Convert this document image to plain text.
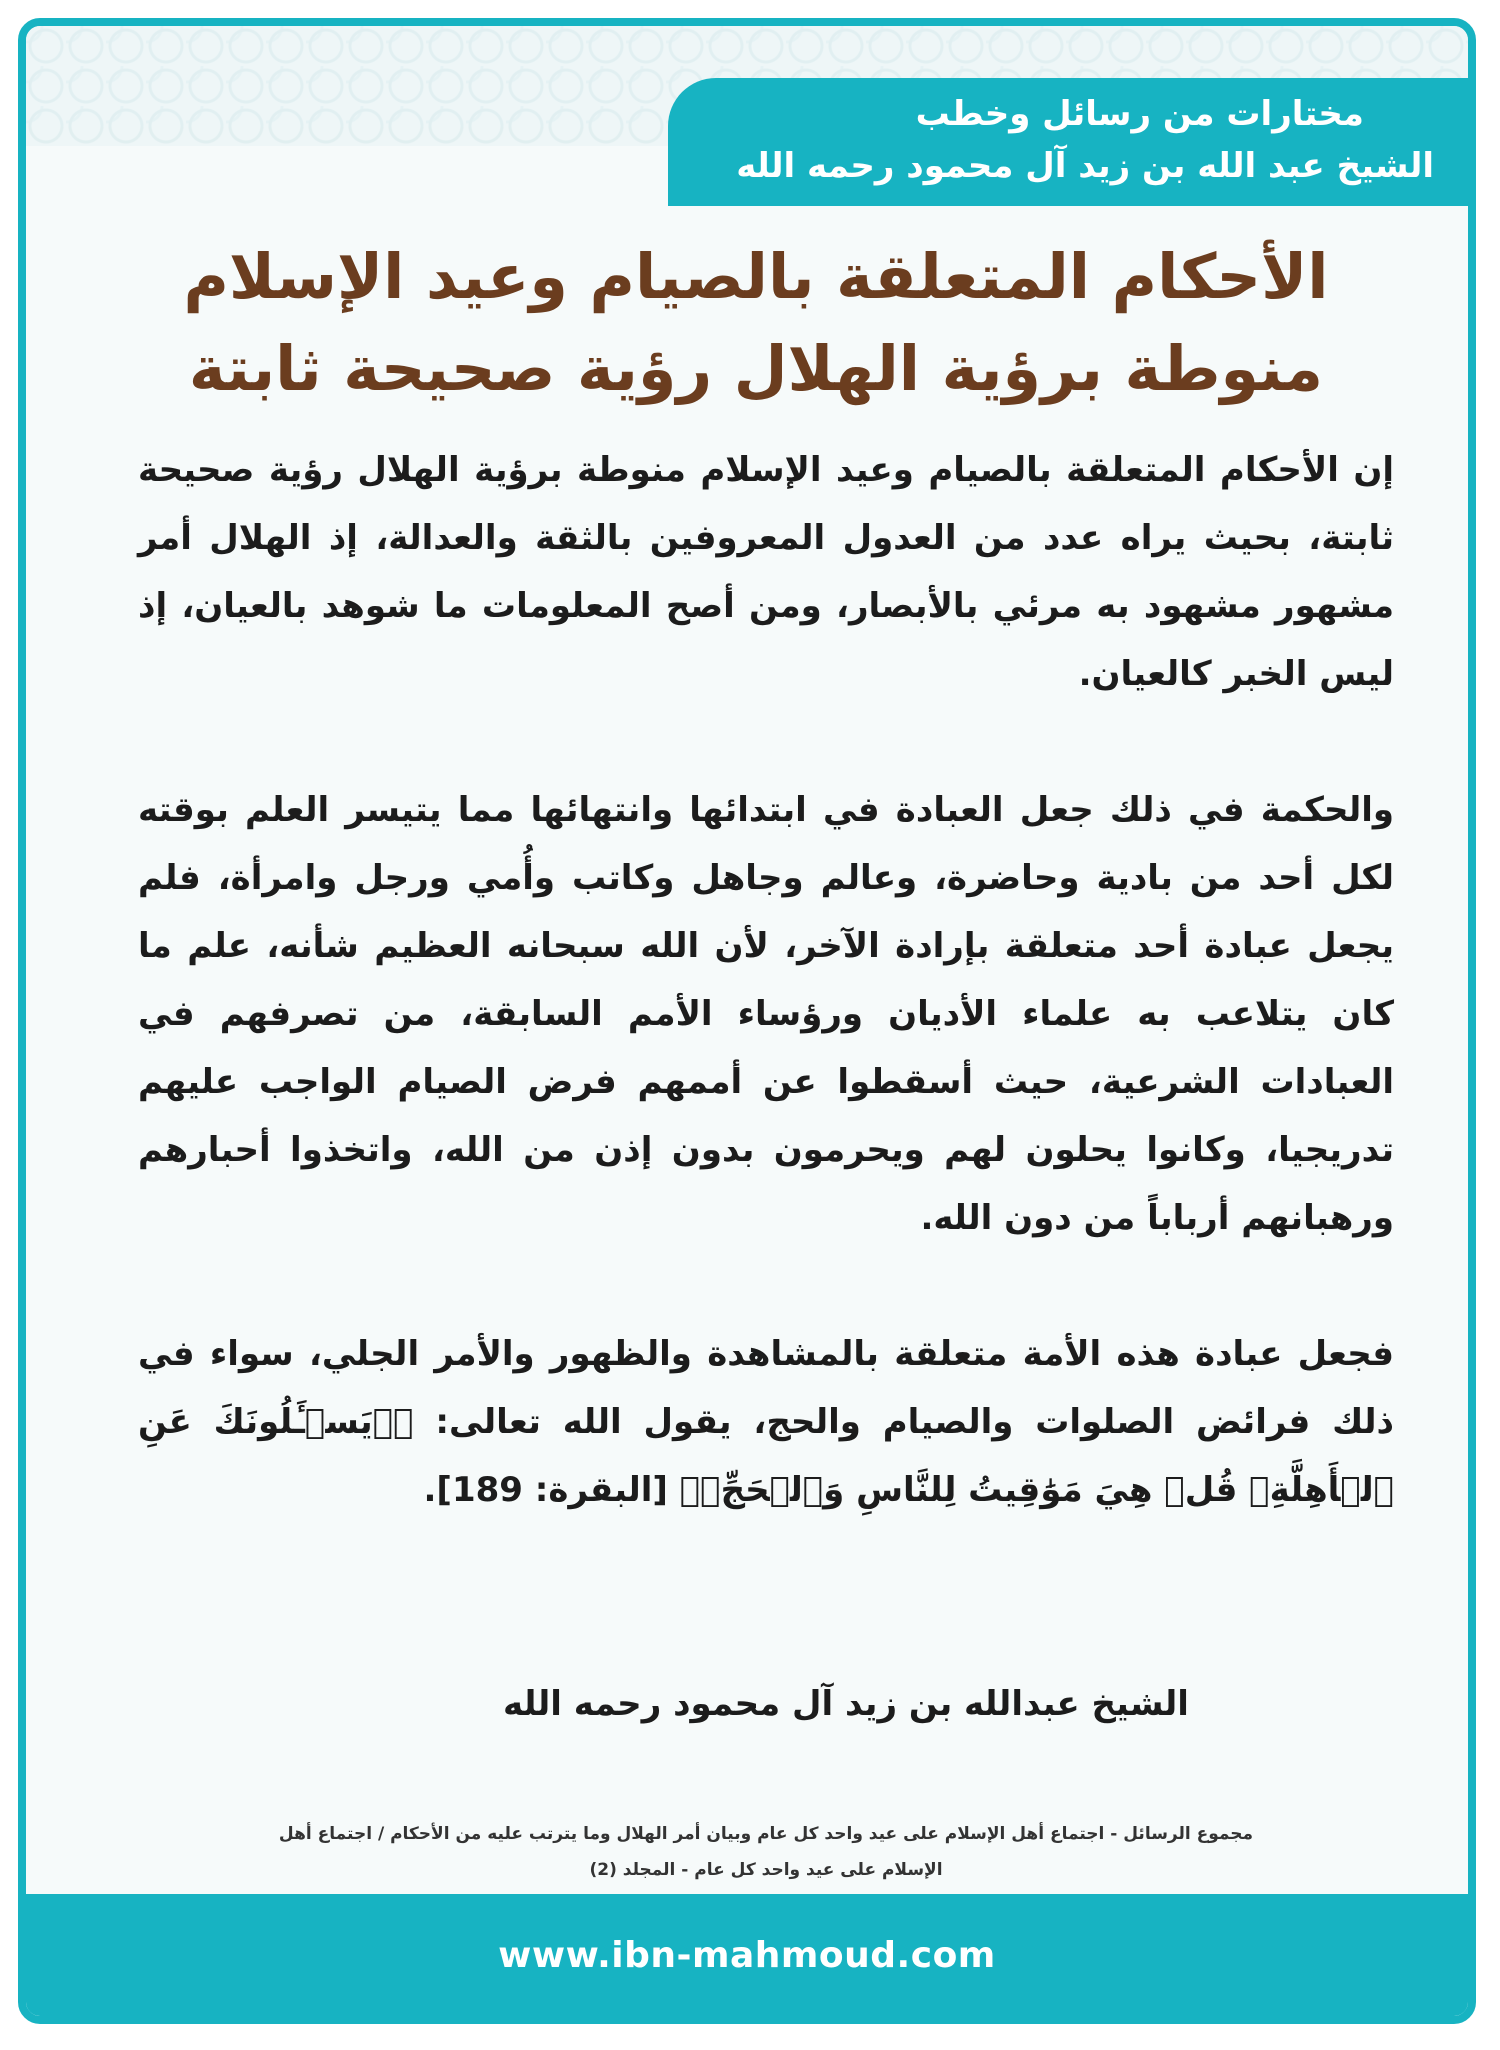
مختارات من رسائل وخطب

الشيخ عبد الله بن زيد آل محمود رحمه الله

الأحكام المتعلقة بالصيام وعيد الإسلام
منوطة برؤية الهلال رؤية صحيحة ثابتة

إن الأحكام المتعلقة بالصيام وعيد الإسلام منوطة برؤية الهلال رؤية صحيحة ثابتة، بحيث يراه عدد من العدول المعروفين بالثقة والعدالة، إذ الهلال أمر مشهور مشهود به مرئي بالأبصار، ومن أصح المعلومات ما شوهد بالعيان، إذ ليس الخبر كالعيان.

والحكمة في ذلك جعل العبادة في ابتدائها وانتهائها مما يتيسر العلم بوقته لكل أحد من بادية وحاضرة، وعالم وجاهل وكاتب وأُمي ورجل وامرأة، فلم يجعل عبادة أحد متعلقة بإرادة الآخر، لأن الله سبحانه العظيم شأنه، علم ما كان يتلاعب به علماء الأديان ورؤساء الأمم السابقة، من تصرفهم في العبادات الشرعية، حيث أسقطوا عن أممهم فرض الصيام الواجب عليهم تدريجيا، وكانوا يحلون لهم ويحرمون بدون إذن من الله، واتخذوا أحبارهم ورهبانهم أرباباً من دون الله.

فجعل عبادة هذه الأمة متعلقة بالمشاهدة والظهور والأمر الجلي، سواء في ذلك فرائض الصلوات والصيام والحج، يقول الله تعالى: ﴿۞يَسۡـَٔلُونَكَ عَنِ ٱلۡأَهِلَّةِۖ قُلۡ هِيَ مَوَٰقِيتُ لِلنَّاسِ وَٱلۡحَجِّۗ﴾ [البقرة: 189].

الشيخ عبدالله بن زيد آل محمود رحمه الله
مجموع الرسائل - اجتماع أهل الإسلام على عيد واحد كل عام وبيان أمر الهلال وما يترتب عليه من الأحكام / اجتماع أهل
الإسلام على عيد واحد كل عام - المجلد (2)
www.ibn-mahmoud.com
